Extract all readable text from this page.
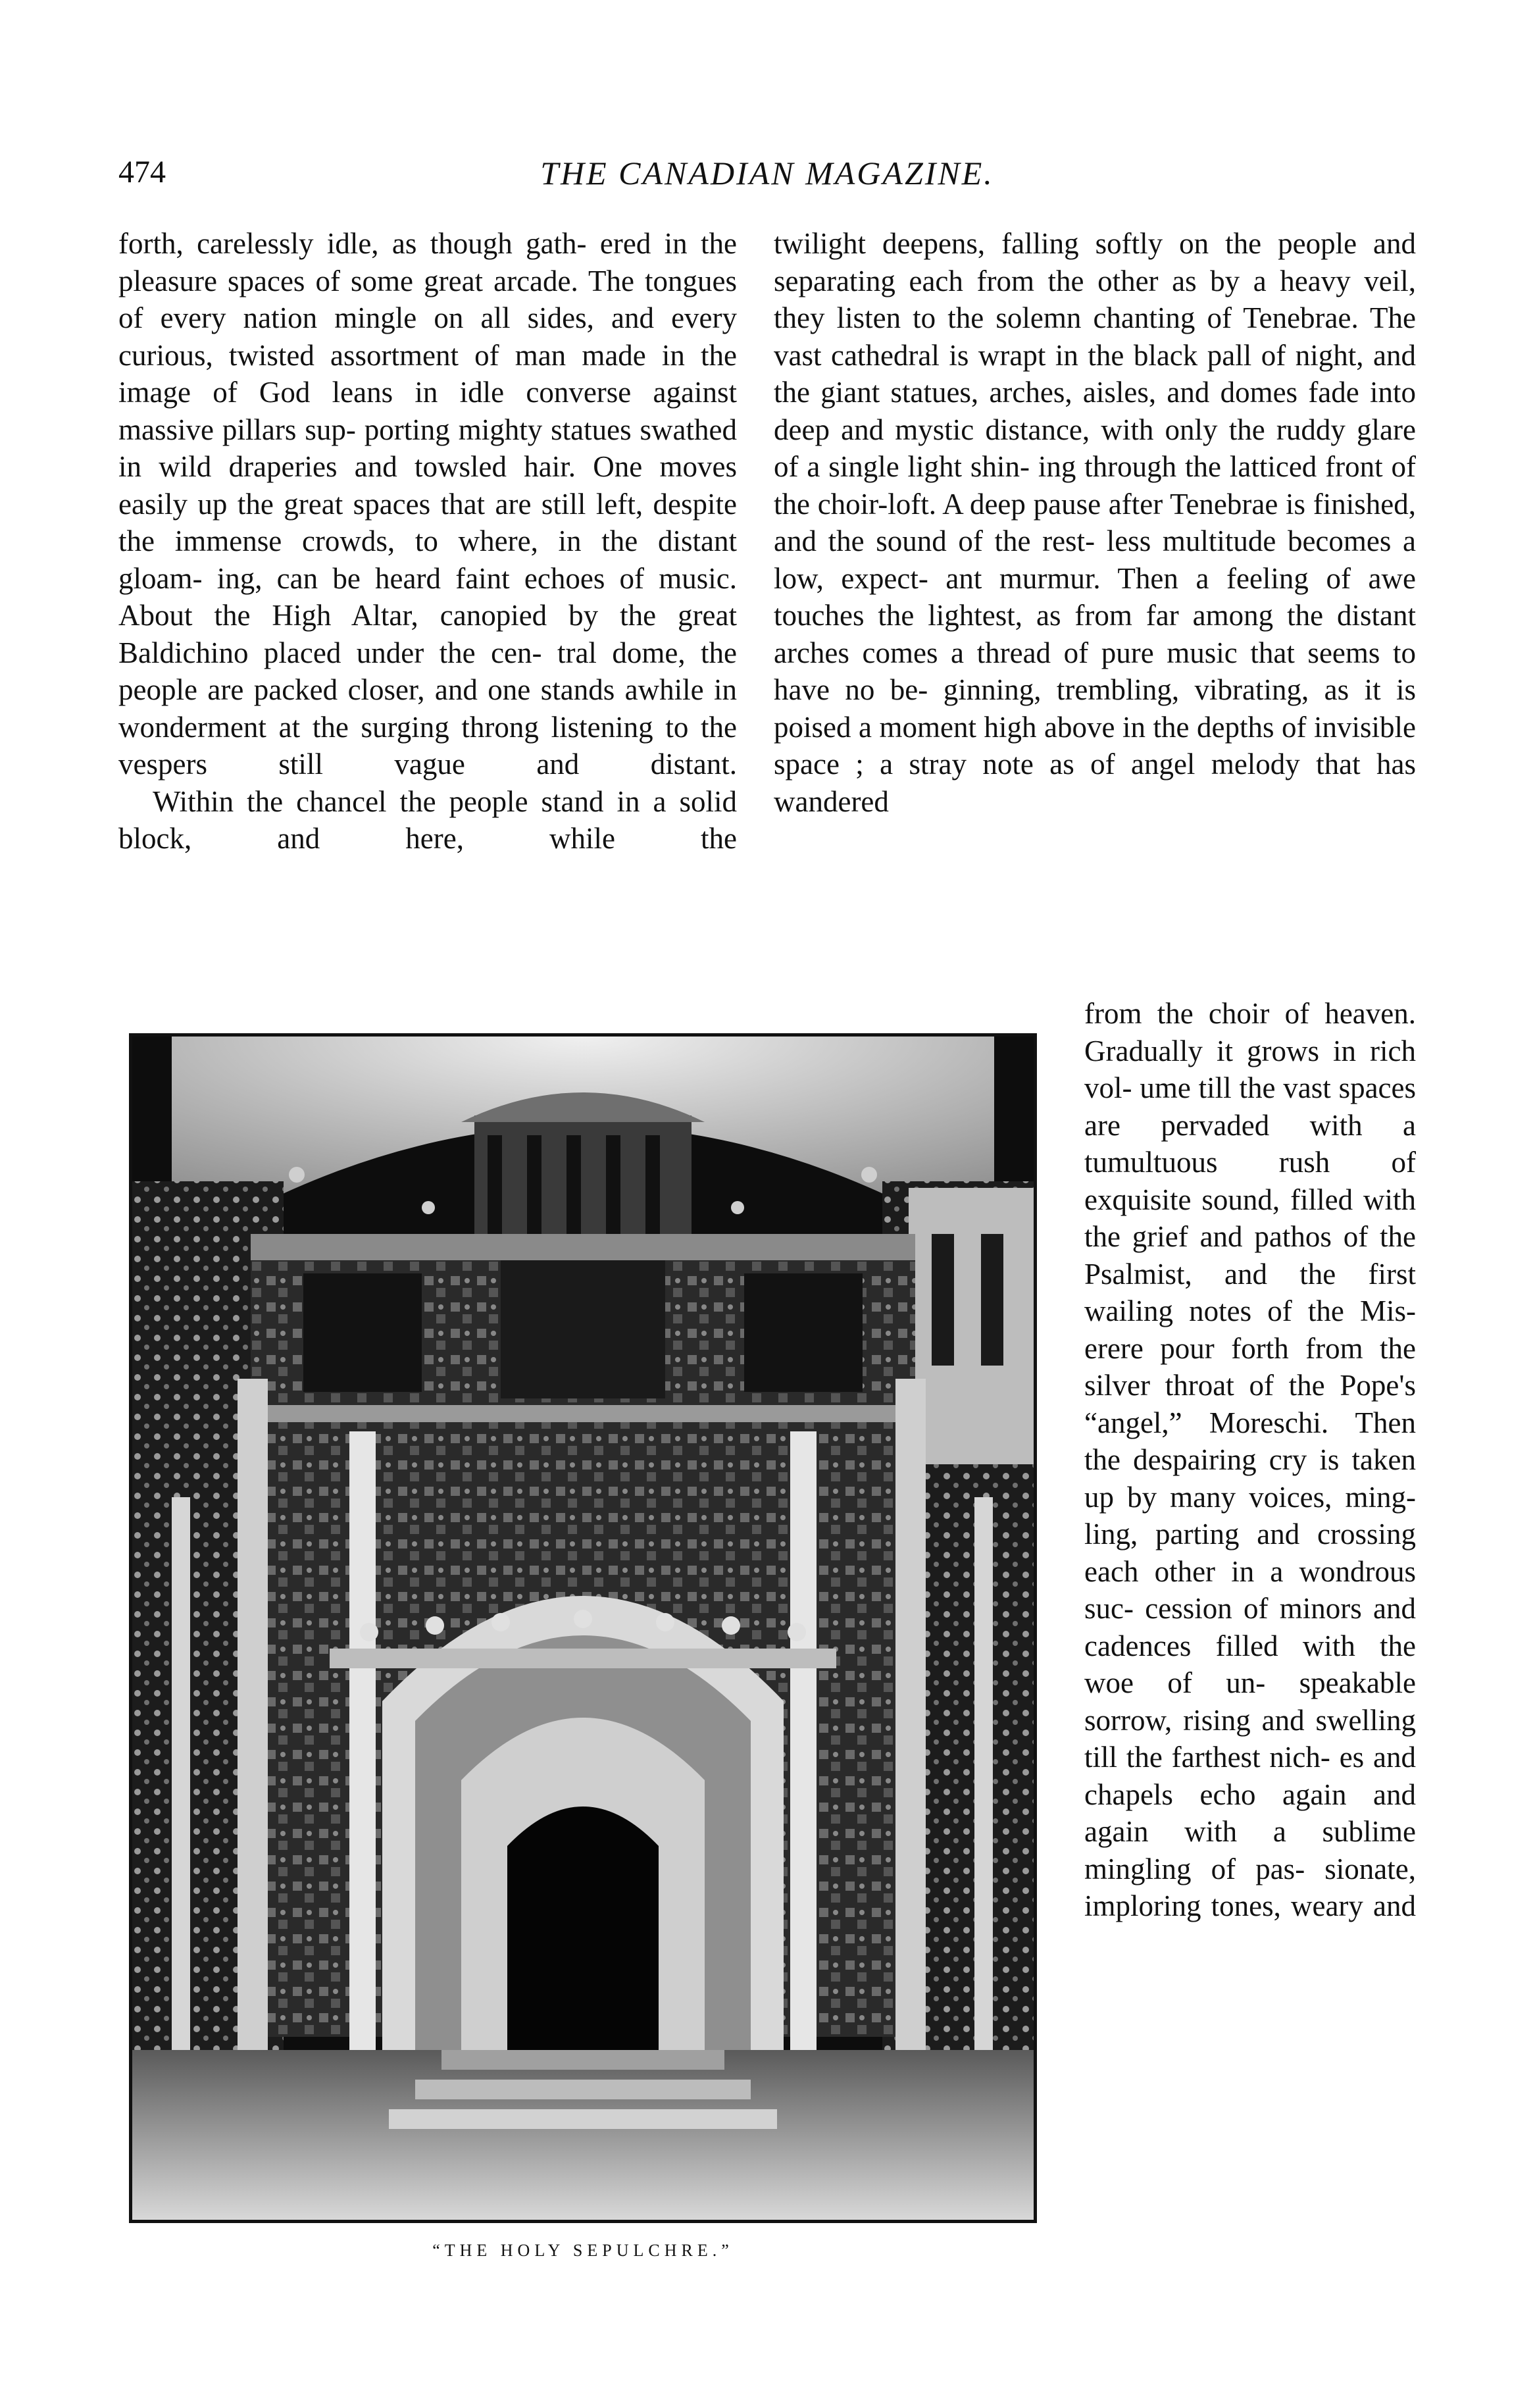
474	THE CANADIAN MAGAZINE.

forth, carelessly idle, as though gath- ered in the pleasure spaces of some great arcade. The tongues of every nation mingle on all sides, and every curious, twisted assortment of man made in the image of God leans in idle converse against massive pillars sup- porting mighty statues swathed in wild draperies and towsled hair. One moves easily up the great spaces that are still left, despite the immense crowds, to where, in the distant gloam- ing, can be heard faint echoes of music. About the High Altar, canopied by the great Baldichino placed under the cen- tral dome, the people are packed closer, and one stands awhile in wonderment at the surging throng listening to the vespers still vague and distant.

Within the chancel the people stand in a solid block, and here, while the

twilight deepens, falling softly on the people and separating each from the other as by a heavy veil, they listen to the solemn chanting of Tenebrae. The vast cathedral is wrapt in the black pall of night, and the giant statues, arches, aisles, and domes fade into deep and mystic distance, with only the ruddy glare of a single light shin- ing through the latticed front of the choir-loft. A deep pause after Tenebrae is finished, and the sound of the rest- less multitude becomes a low, expect- ant murmur. Then a feeling of awe touches the lightest, as from far among the distant arches comes a thread of pure music that seems to have no be- ginning, trembling, vibrating, as it is poised a moment high above in the depths of invisible space ; a stray note as of angel melody that has wandered

from the choir of heaven. Gradually it grows in rich vol- ume till the vast spaces are pervaded with a tumultuous rush of exquisite sound, filled with the grief and pathos of the Psalmist, and the first wailing notes of the Mis- erere pour forth from the silver throat of the Pope's “angel,” Moreschi. Then the despairing cry is taken up by many voices, ming- ling, parting and crossing each other in a wondrous suc- cession of minors and cadences filled with the woe of un- speakable sorrow, rising and swelling till the farthest nich- es and chapels echo again and again with a sublime mingling of pas- sionate, imploring tones, weary and

“THE HOLY SEPULCHRE.”
